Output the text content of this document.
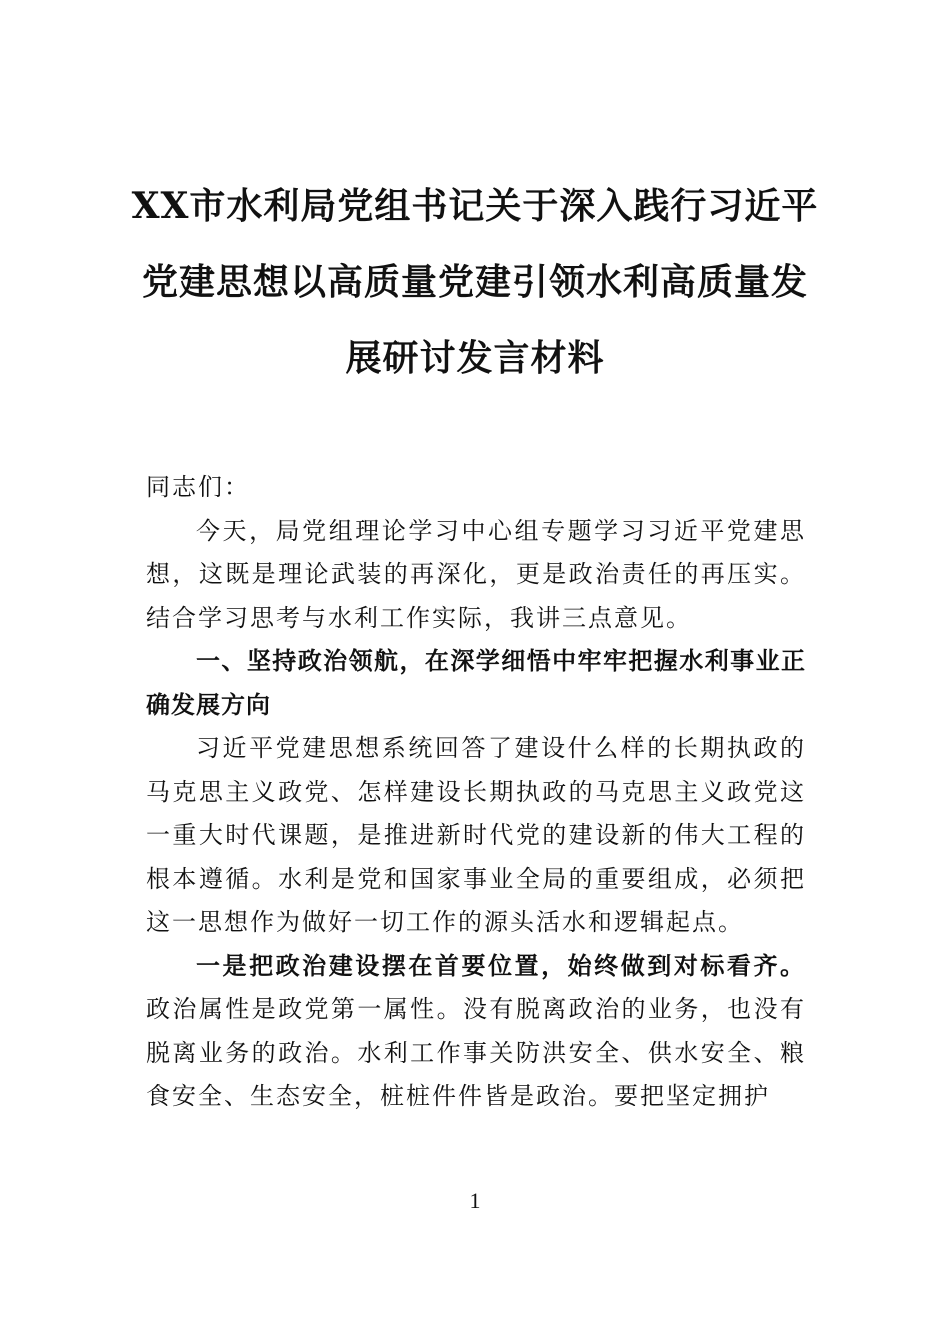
XX市水利局党组书记关于深入践行习近平
党建思想以高质量党建引领水利高质量发
展研讨发言材料

同志们：

今天，局党组理论学习中心组专题学习习近平党建思想，这既是理论武装的再深化，更是政治责任的再压实。结合学习思考与水利工作实际，我讲三点意见。

一、坚持政治领航，在深学细悟中牢牢把握水利事业正确发展方向

习近平党建思想系统回答了建设什么样的长期执政的马克思主义政党、怎样建设长期执政的马克思主义政党这一重大时代课题，是推进新时代党的建设新的伟大工程的根本遵循。水利是党和国家事业全局的重要组成，必须把这一思想作为做好一切工作的源头活水和逻辑起点。

一是把政治建设摆在首要位置，始终做到对标看齐。政治属性是政党第一属性。没有脱离政治的业务，也没有脱离业务的政治。水利工作事关防洪安全、供水安全、粮食安全、生态安全，桩桩件件皆是政治。要把坚定拥护

1
